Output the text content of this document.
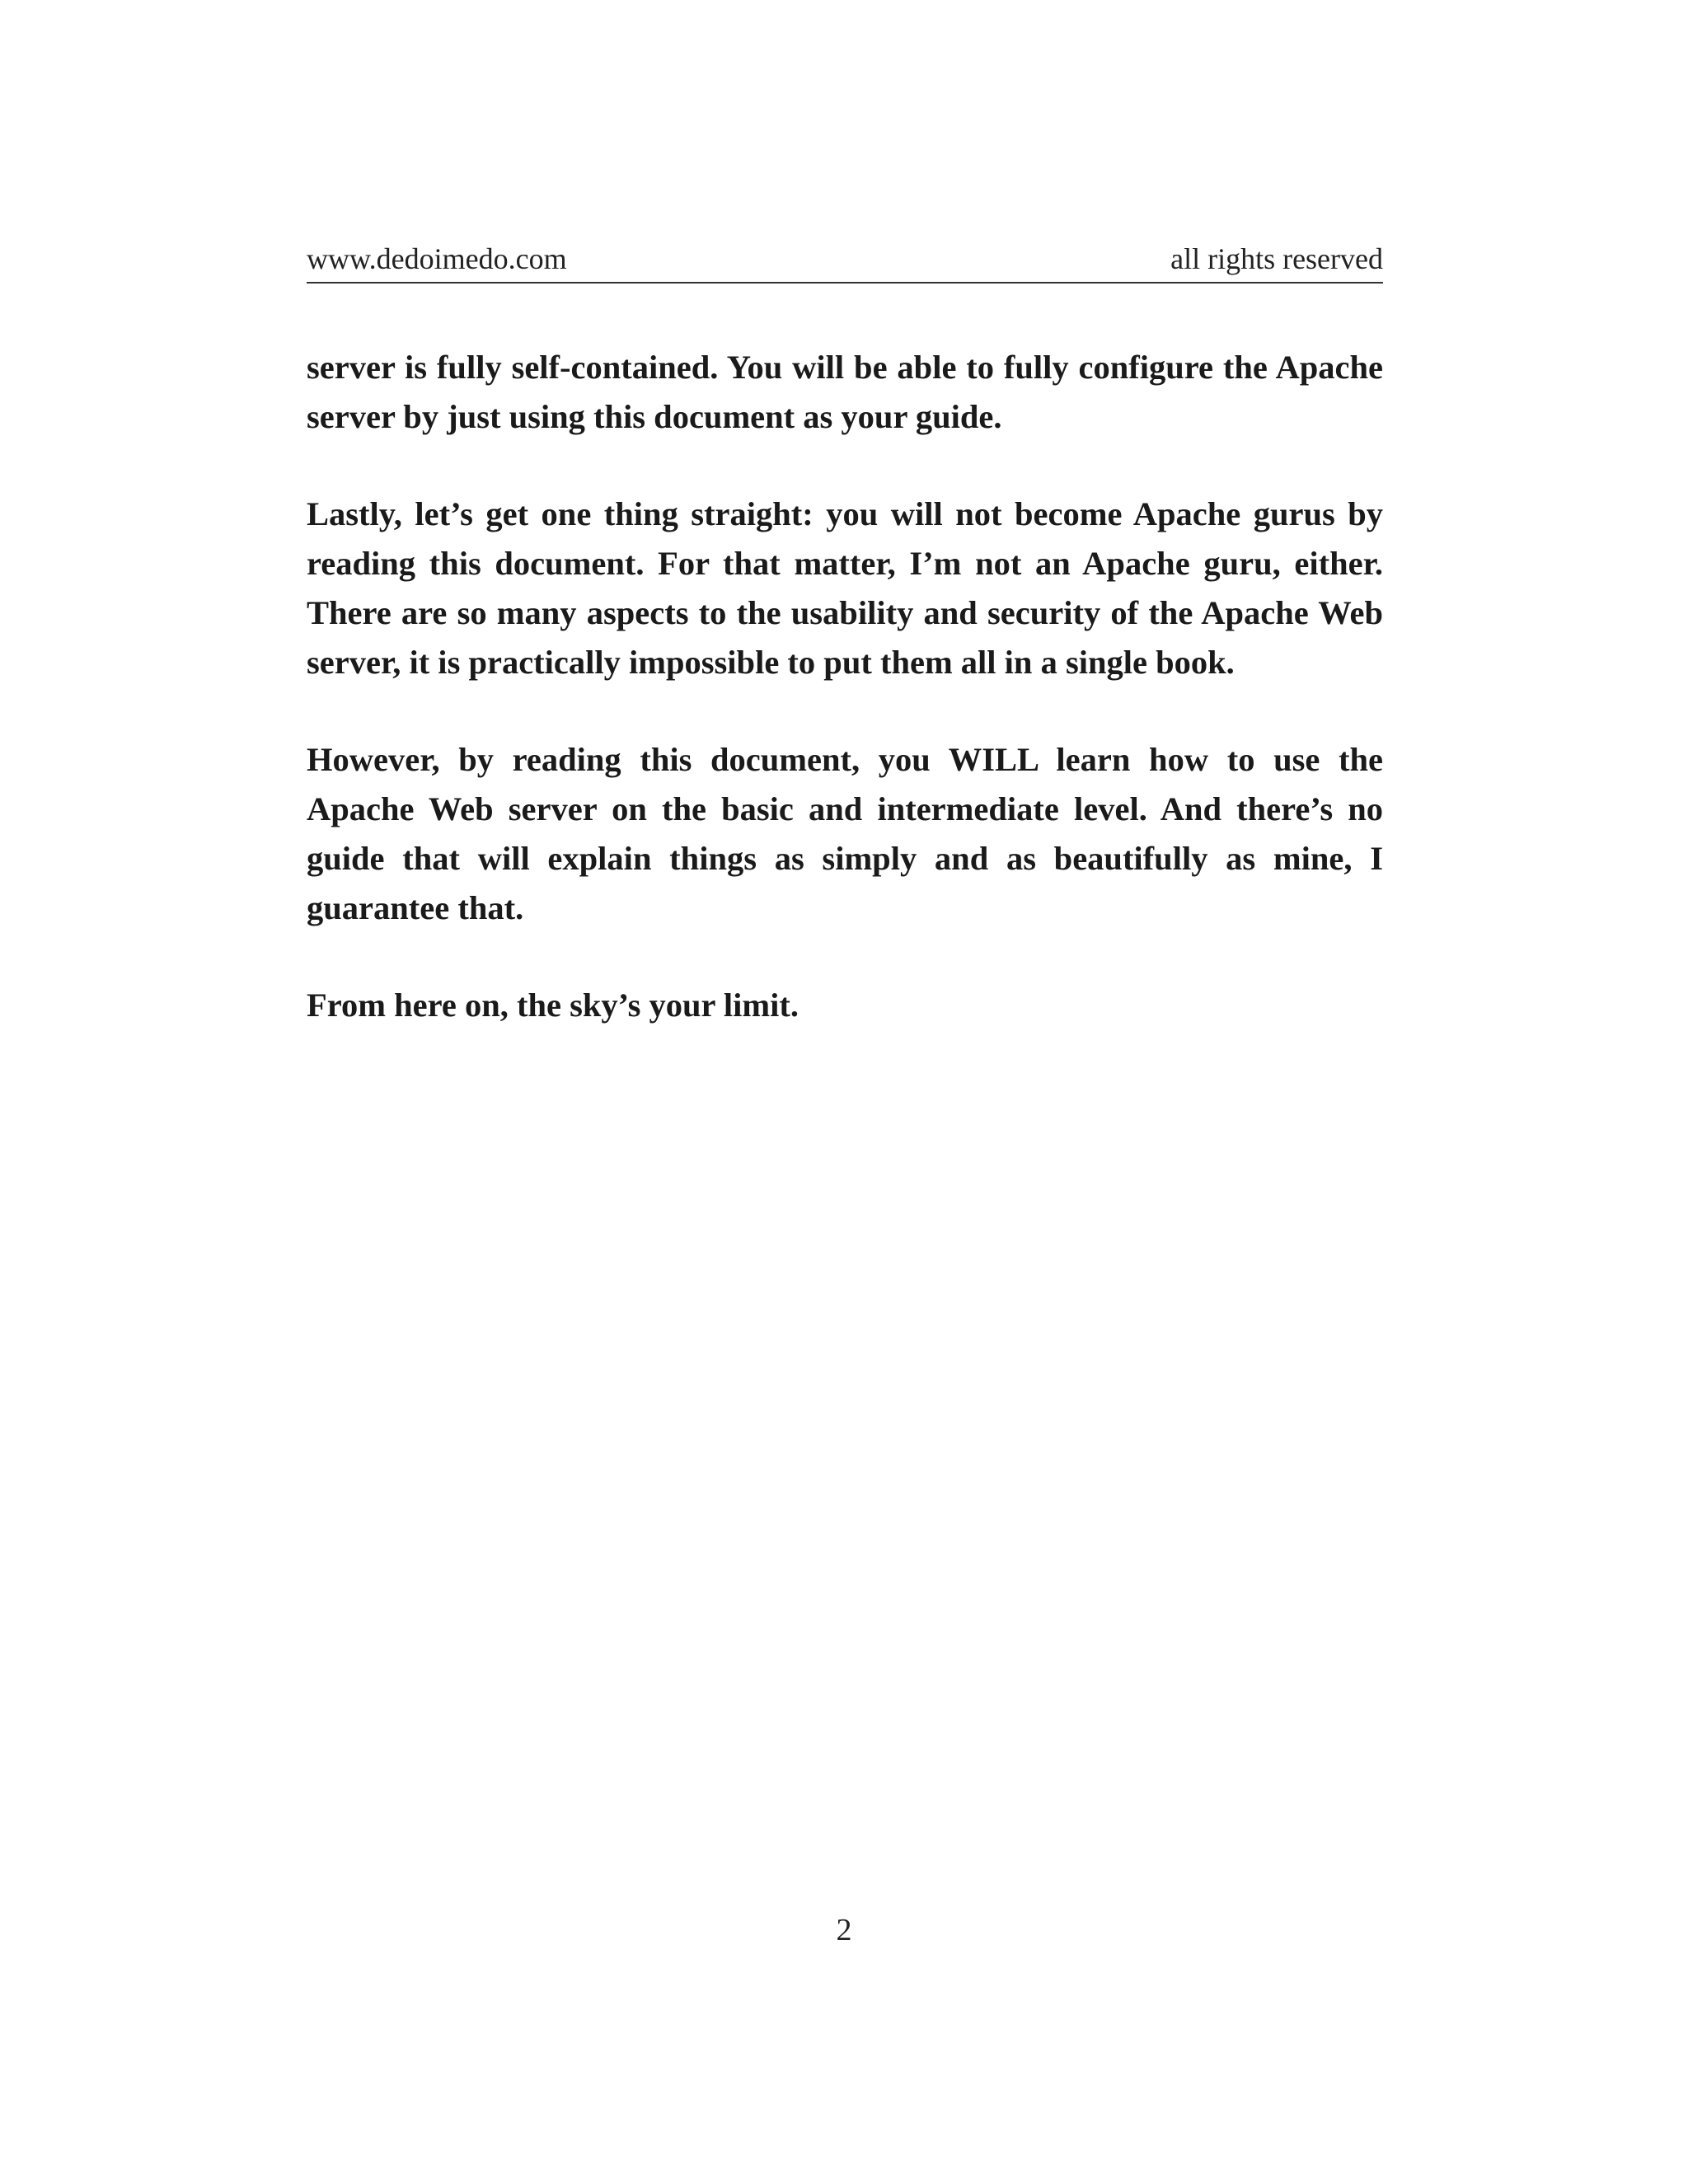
www.dedoimedo.com	all rights reserved

server is fully self-contained. You will be able to fully configure the Apache server by just using this document as your guide.

Lastly, let’s get one thing straight: you will not become Apache gurus by reading this document. For that matter, I’m not an Apache guru, either. There are so many aspects to the usability and security of the Apache Web server, it is practically impossible to put them all in a single book.

However, by reading this document, you WILL learn how to use the Apache Web server on the basic and intermediate level. And there’s no guide that will explain things as simply and as beautifully as mine, I guarantee that.

From here on, the sky’s your limit.

2
